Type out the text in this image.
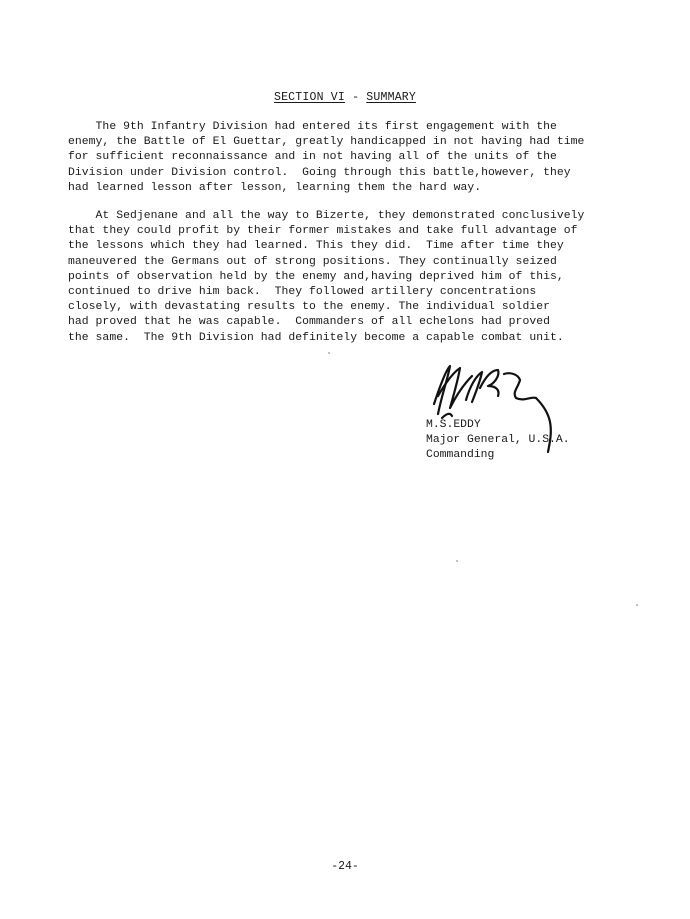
SECTION VI - SUMMARY
The 9th Infantry Division had entered its first engagement with the
enemy, the Battle of El Guettar, greatly handicapped in not having had time
for sufficient reconnaissance and in not having all of the units of the
Division under Division control.  Going through this battle,however, they
had learned lesson after lesson, learning them the hard way.
At Sedjenane and all the way to Bizerte, they demonstrated conclusively
that they could profit by their former mistakes and take full advantage of
the lessons which they had learned. This they did.  Time after time they
maneuvered the Germans out of strong positions. They continually seized
points of observation held by the enemy and,having deprived him of this,
continued to drive him back.  They followed artillery concentrations
closely, with devastating results to the enemy. The individual soldier
had proved that he was capable.  Commanders of all echelons had proved
the same.  The 9th Division had definitely become a capable combat unit.
M.S.EDDY
Major General, U.S.A.
Commanding
-24-
